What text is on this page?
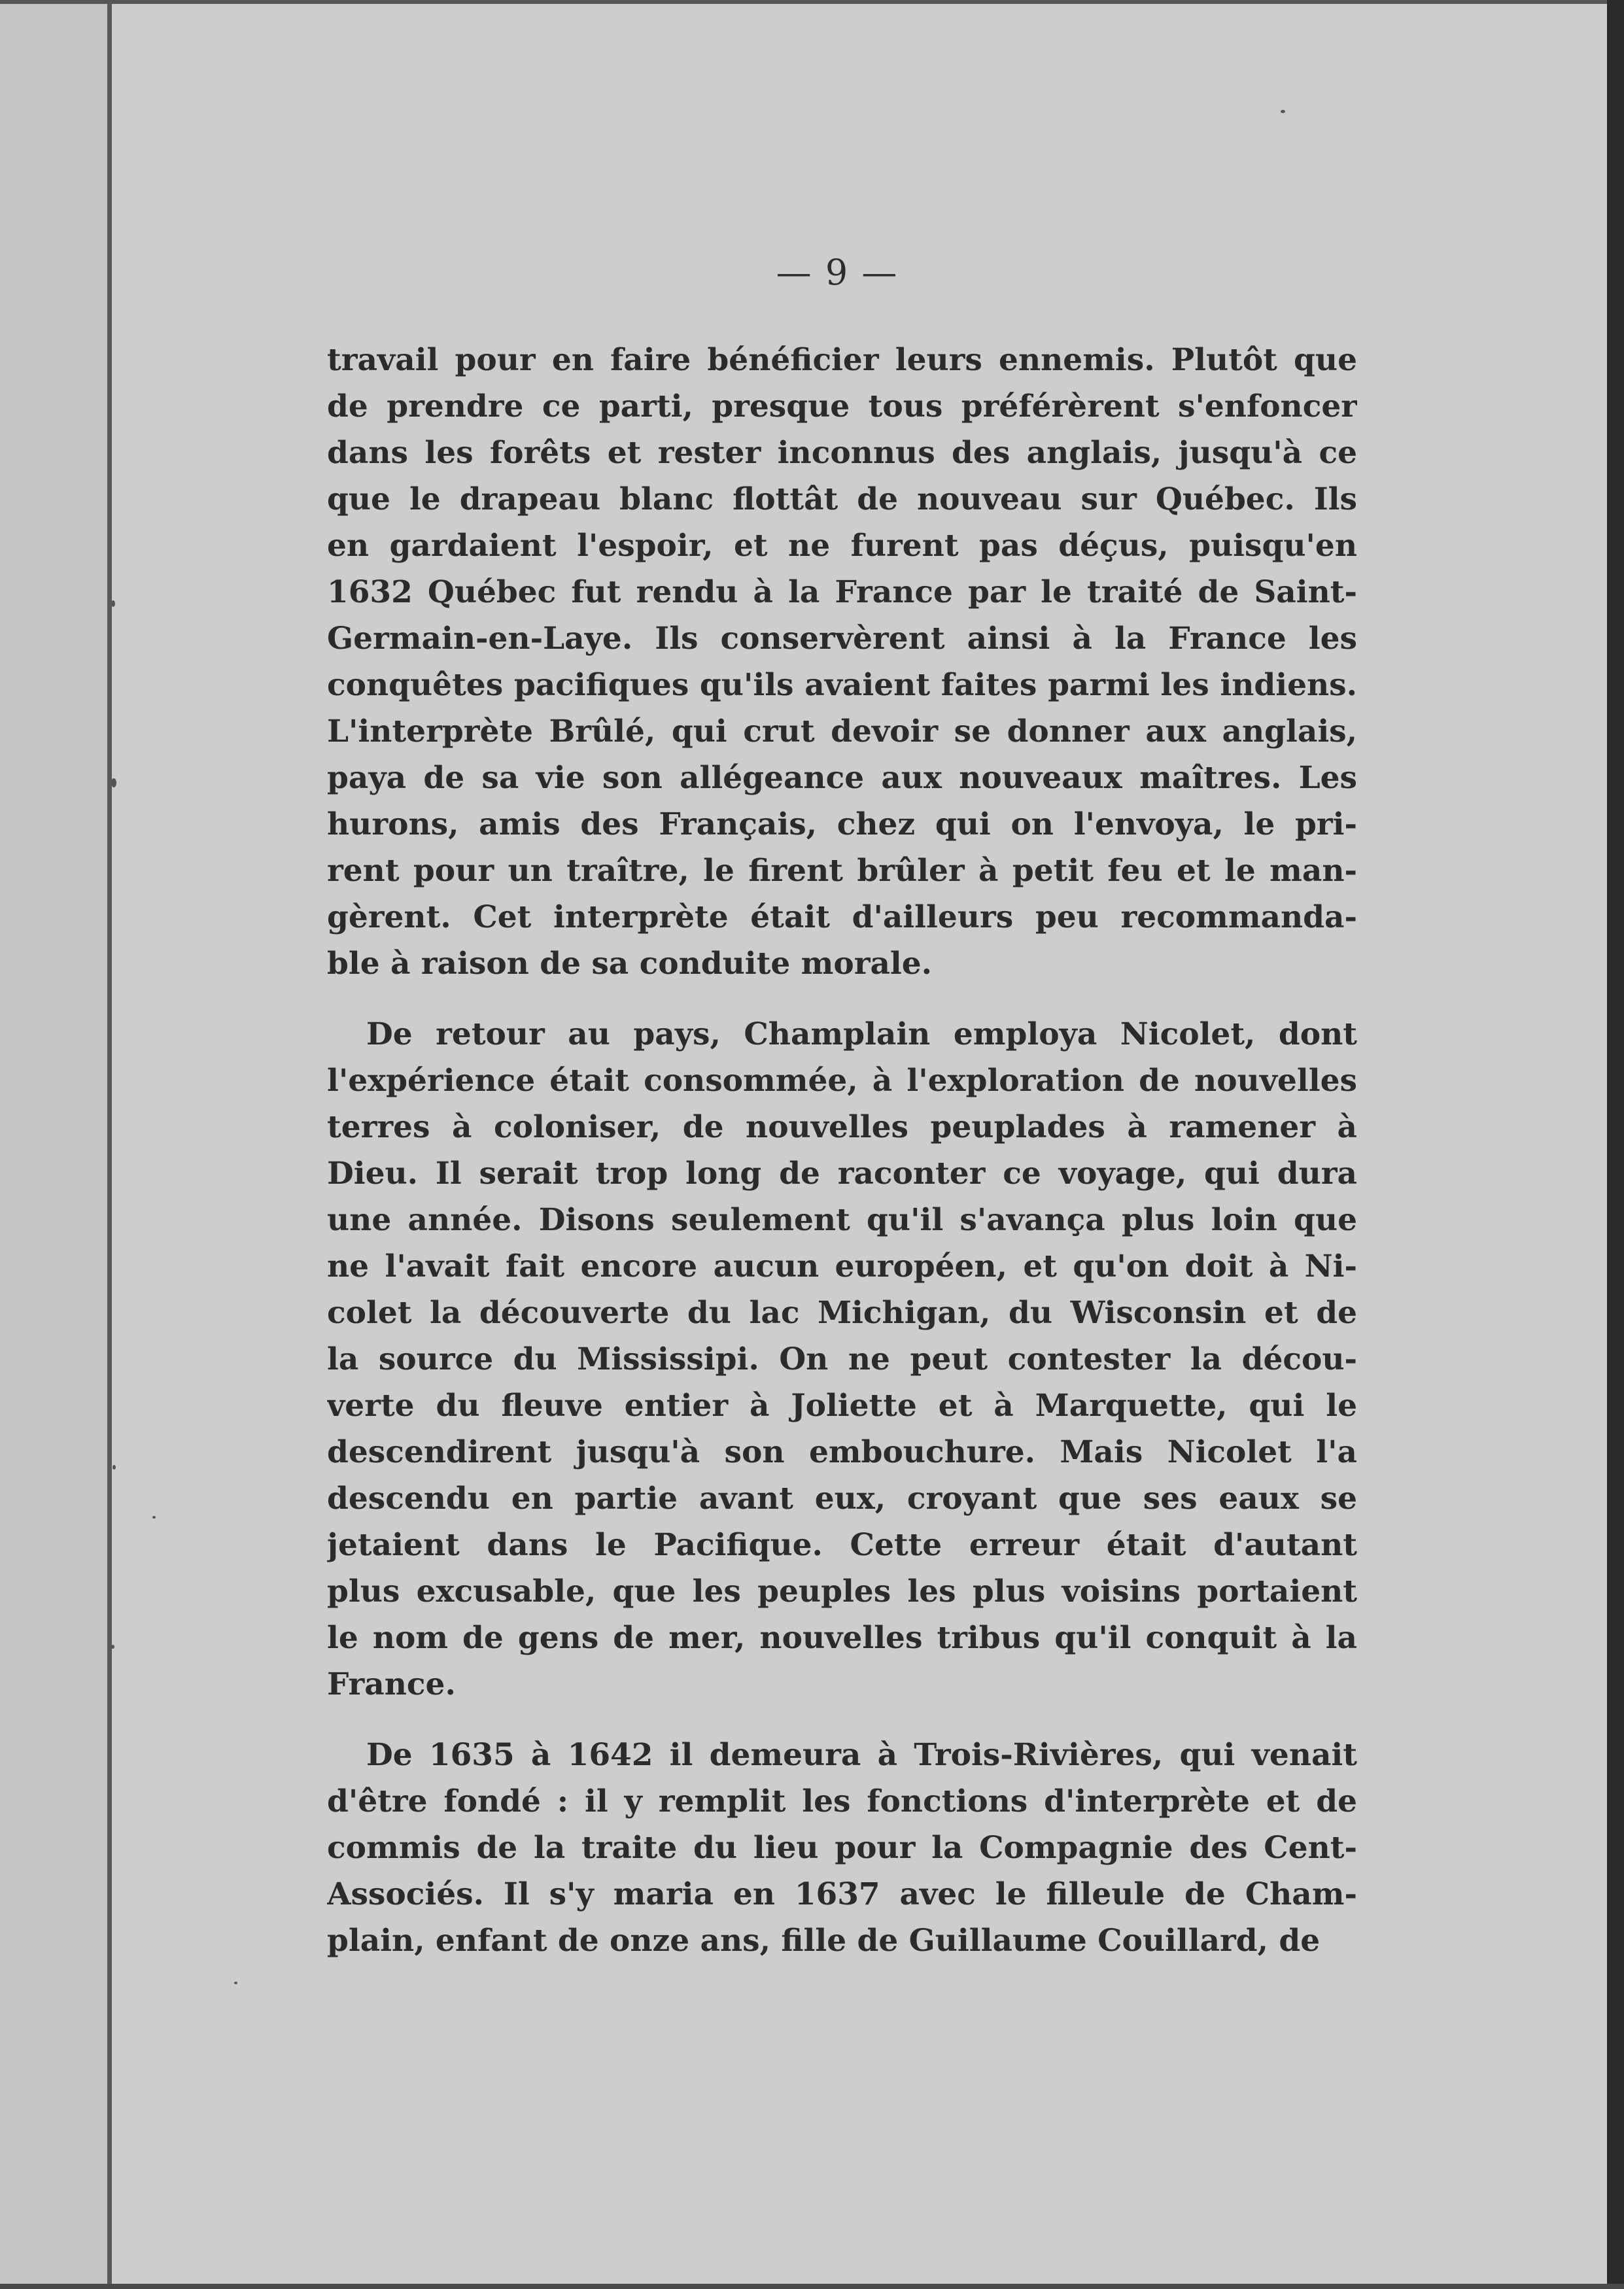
— 9 —
travail pour en faire bénéficier leurs ennemis. Plutôt que
de prendre ce parti, presque tous préférèrent s'enfoncer
dans les forêts et rester inconnus des anglais, jusqu'à ce
que le drapeau blanc flottât de nouveau sur Québec. Ils
en gardaient l'espoir, et ne furent pas déçus, puisqu'en
1632 Québec fut rendu à la France par le traité de Saint-
Germain-en-Laye. Ils conservèrent ainsi à la France les
conquêtes pacifiques qu'ils avaient faites parmi les indiens.
L'interprète Brûlé, qui crut devoir se donner aux anglais,
paya de sa vie son allégeance aux nouveaux maîtres. Les
hurons, amis des Français, chez qui on l'envoya, le pri-
rent pour un traître, le firent brûler à petit feu et le man-
gèrent. Cet interprète était d'ailleurs peu recommanda-
ble à raison de sa conduite morale.
De retour au pays, Champlain employa Nicolet, dont
l'expérience était consommée, à l'exploration de nouvelles
terres à coloniser, de nouvelles peuplades à ramener à
Dieu. Il serait trop long de raconter ce voyage, qui dura
une année. Disons seulement qu'il s'avança plus loin que
ne l'avait fait encore aucun européen, et qu'on doit à Ni-
colet la découverte du lac Michigan, du Wisconsin et de
la source du Mississipi. On ne peut contester la décou-
verte du fleuve entier à Joliette et à Marquette, qui le
descendirent jusqu'à son embouchure. Mais Nicolet l'a
descendu en partie avant eux, croyant que ses eaux se
jetaient dans le Pacifique. Cette erreur était d'autant
plus excusable, que les peuples les plus voisins portaient
le nom de gens de mer, nouvelles tribus qu'il conquit à la
France.
De 1635 à 1642 il demeura à Trois-Rivières, qui venait
d'être fondé : il y remplit les fonctions d'interprète et de
commis de la traite du lieu pour la Compagnie des Cent-
Associés. Il s'y maria en 1637 avec le filleule de Cham-
plain, enfant de onze ans, fille de Guillaume Couillard, de
